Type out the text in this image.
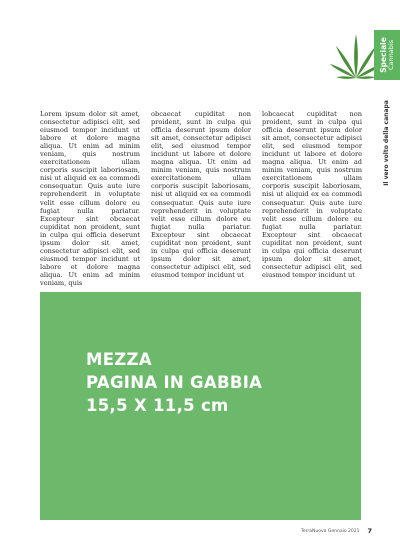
Speciale
Cannabis
Il vero volto della canapa

Lorem ipsum dolor sit amet, consectetur adipisci elit, sed eiusmod tempor incidunt ut labore et dolore magna aliqua. Ut enim ad minim veniam, quis nostrum exercitationem ullam corporis suscipit laboriosam, nisi ut aliquid ex ea commodi consequatur. Quis aute iure reprehenderit in voluptate velit esse cillum dolore eu fugiat nulla pariatur. Excepteur sint obcaecat cupiditat non proident, sunt in culpa qui officia deserunt ipsum dolor sit amet, consectetur adipisci elit, sed eiusmod tempor incidunt ut labore et dolore magna aliqua. Ut enim ad minim veniam, quis

obcaecat cupiditat non proident, sunt in culpa qui officia deserunt ipsum dolor sit amet, consectetur adipisci elit, sed eiusmod tempor incidunt ut labore et dolore magna aliqua. Ut enim ad minim veniam, quis nostrum exercitationem ullam corporis suscipit laboriosam, nisi ut aliquid ex ea commodi consequatur. Quis aute iure reprehenderit in voluptate velit esse cillum dolore eu fugiat nulla pariatur. Excepteur sint obcaecat cupiditat non proident, sunt in culpa qui officia deserunt ipsum dolor sit amet, consectetur adipisci elit, sed eiusmod tempor incidunt ut

lobcaecat cupiditat non proident, sunt in culpa qui officia deserunt ipsum dolor sit amet, consectetur adipisci elit, sed eiusmod tempor incidunt ut labore et dolore magna aliqua. Ut enim ad minim veniam, quis nostrum exercitationem ullam corporis suscipit laboriosam, nisi ut aliquid ex ea commodi consequatur. Quis aute iure reprehenderit in voluptate velit esse cillum dolore eu fugiat nulla pariatur. Excepteur sint obcaecat cupiditat non proident, sunt in culpa qui officia deserunt ipsum dolor sit amet, consectetur adipisci elit, sed eiusmod tempor incidunt ut

MEZZA
PAGINA IN GABBIA
15,5 X 11,5 cm
TerraNuova Gennaio 2021 7
